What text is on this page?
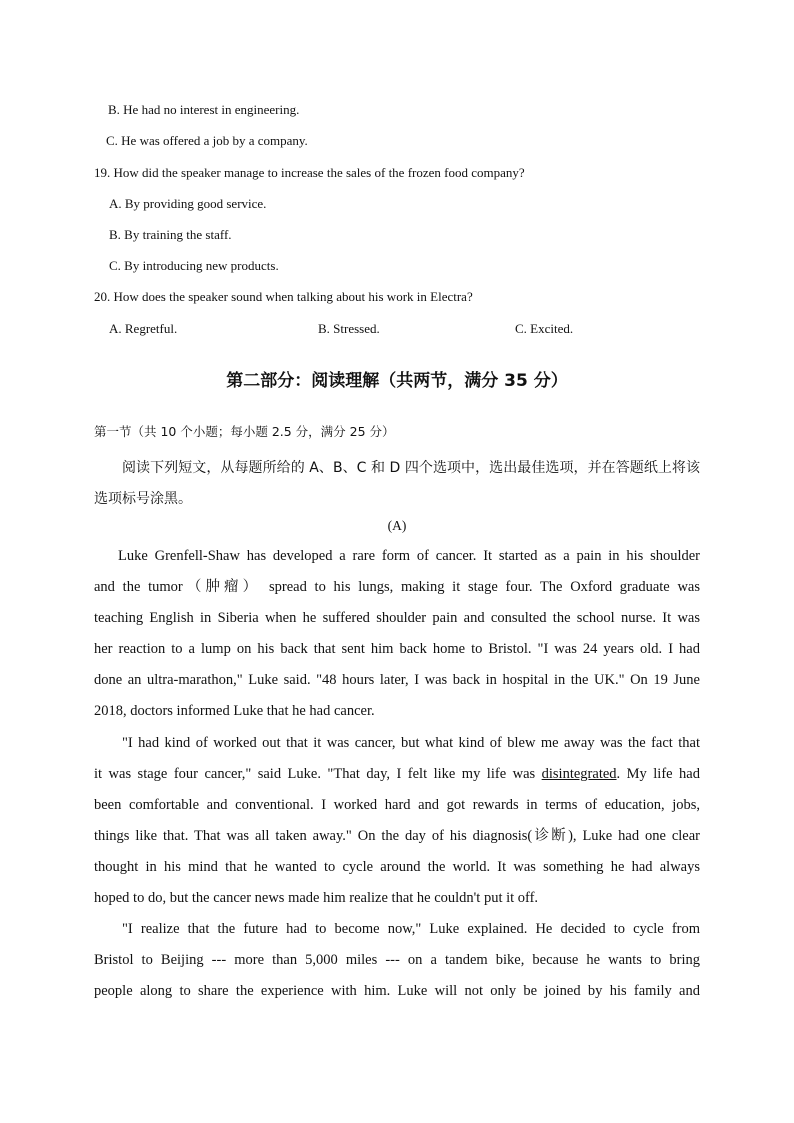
B. He had no interest in engineering.
C. He was offered a job by a company.
19. How did the speaker manage to increase the sales of the frozen food company?
A. By providing good service.
B. By training the staff.
C. By introducing new products.
20. How does the speaker sound when talking about his work in Electra?
A. Regretful.	B. Stressed.	C. Excited.
第二部分：阅读理解（共两节，满分 35 分）
第一节（共 10 个小题；每小题 2.5 分，满分 25 分）
阅读下列短文，从每题所给的 A、B、C 和 D 四个选项中，选出最佳选项，并在答题纸上将该选项标号涂黑。
(A)
Luke Grenfell-Shaw has developed a rare form of cancer. It started as a pain in his shoulder
and the tumor（肿瘤） spread to his lungs, making it stage four. The Oxford graduate was
teaching English in Siberia when he suffered shoulder pain and consulted the school nurse. It was
her reaction to a lump on his back that sent him back home to Bristol. "I was 24 years old. I had
done an ultra-marathon," Luke said. "48 hours later, I was back in hospital in the UK." On 19 June
2018, doctors informed Luke that he had cancer.
"I had kind of worked out that it was cancer, but what kind of blew me away was the fact that
it was stage four cancer," said Luke. "That day, I felt like my life was disintegrated. My life had
been comfortable and conventional. I worked hard and got rewards in terms of education, jobs,
things like that. That was all taken away." On the day of his diagnosis(诊断), Luke had one clear
thought in his mind that he wanted to cycle around the world. It was something he had always
hoped to do, but the cancer news made him realize that he couldn't put it off.
"I realize that the future had to become now," Luke explained. He decided to cycle from
Bristol to Beijing --- more than 5,000 miles --- on a tandem bike, because he wants to bring
people along to share the experience with him. Luke will not only be joined by his family and
